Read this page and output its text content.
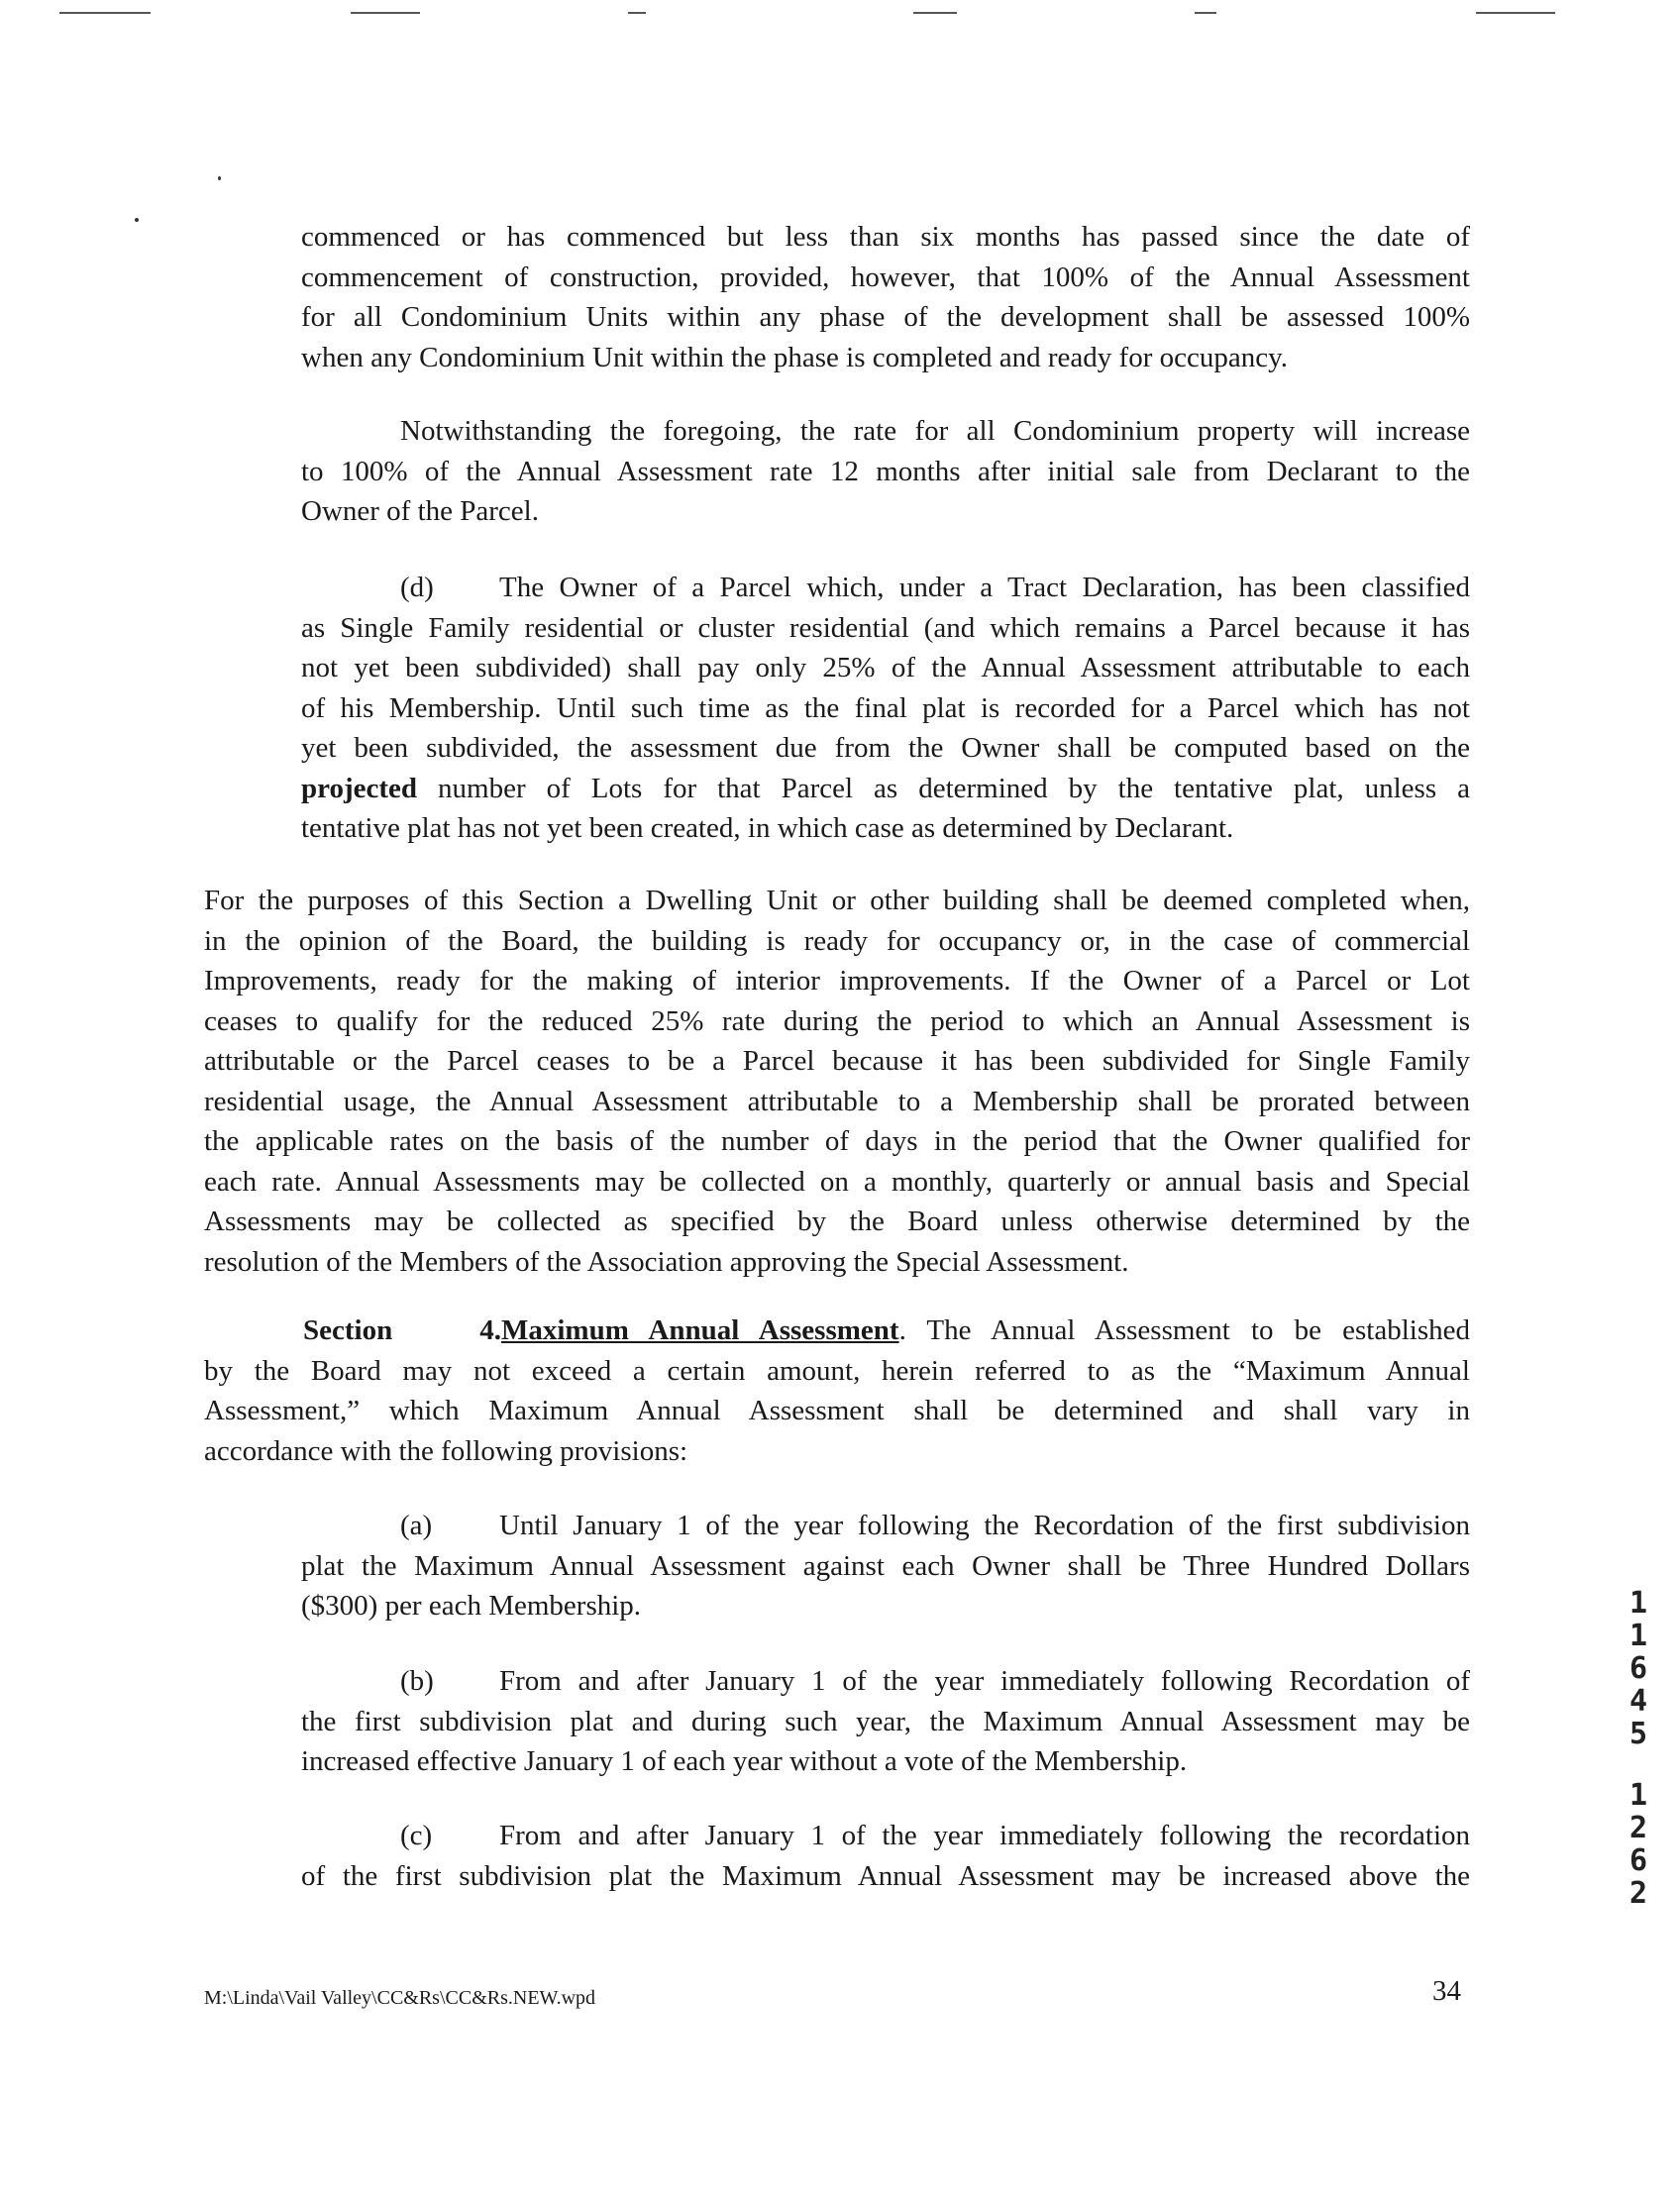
commenced or has commenced but less than six months has passed since the date of
commencement of construction, provided, however, that 100% of the Annual Assessment
for all Condominium Units within any phase of the development shall be assessed 100%
when any Condominium Unit within the phase is completed and ready for occupancy.
Notwithstanding the foregoing, the rate for all Condominium property will increase
to 100% of the Annual Assessment rate 12 months after initial sale from Declarant to the
Owner of the Parcel.
(d) The Owner of a Parcel which, under a Tract Declaration, has been classified
as Single Family residential or cluster residential (and which remains a Parcel because it has
not yet been subdivided) shall pay only 25% of the Annual Assessment attributable to each
of his Membership. Until such time as the final plat is recorded for a Parcel which has not
yet been subdivided, the assessment due from the Owner shall be computed based on the
projected number of Lots for that Parcel as determined by the tentative plat, unless a
tentative plat has not yet been created, in which case as determined by Declarant.
For the purposes of this Section a Dwelling Unit or other building shall be deemed completed when,
in the opinion of the Board, the building is ready for occupancy or, in the case of commercial
Improvements, ready for the making of interior improvements. If the Owner of a Parcel or Lot
ceases to qualify for the reduced 25% rate during the period to which an Annual Assessment is
attributable or the Parcel ceases to be a Parcel because it has been subdivided for Single Family
residential usage, the Annual Assessment attributable to a Membership shall be prorated between
the applicable rates on the basis of the number of days in the period that the Owner qualified for
each rate. Annual Assessments may be collected on a monthly, quarterly or annual basis and Special
Assessments may be collected as specified by the Board unless otherwise determined by the
resolution of the Members of the Association approving the Special Assessment.
Section 4.Maximum Annual Assessment. The Annual Assessment to be established
by the Board may not exceed a certain amount, herein referred to as the “Maximum Annual
Assessment,” which Maximum Annual Assessment shall be determined and shall vary in
accordance with the following provisions:
(a) Until January 1 of the year following the Recordation of the first subdivision
plat the Maximum Annual Assessment against each Owner shall be Three Hundred Dollars
($300) per each Membership.
(b) From and after January 1 of the year immediately following Recordation of
the first subdivision plat and during such year, the Maximum Annual Assessment may be
increased effective January 1 of each year without a vote of the Membership.
(c) From and after January 1 of the year immediately following the recordation
of the first subdivision plat the Maximum Annual Assessment may be increased above the
1
1
6
4
5
1
2
6
2
M:\Linda\Vail Valley\CC&Rs\CC&Rs.NEW.wpd	34
